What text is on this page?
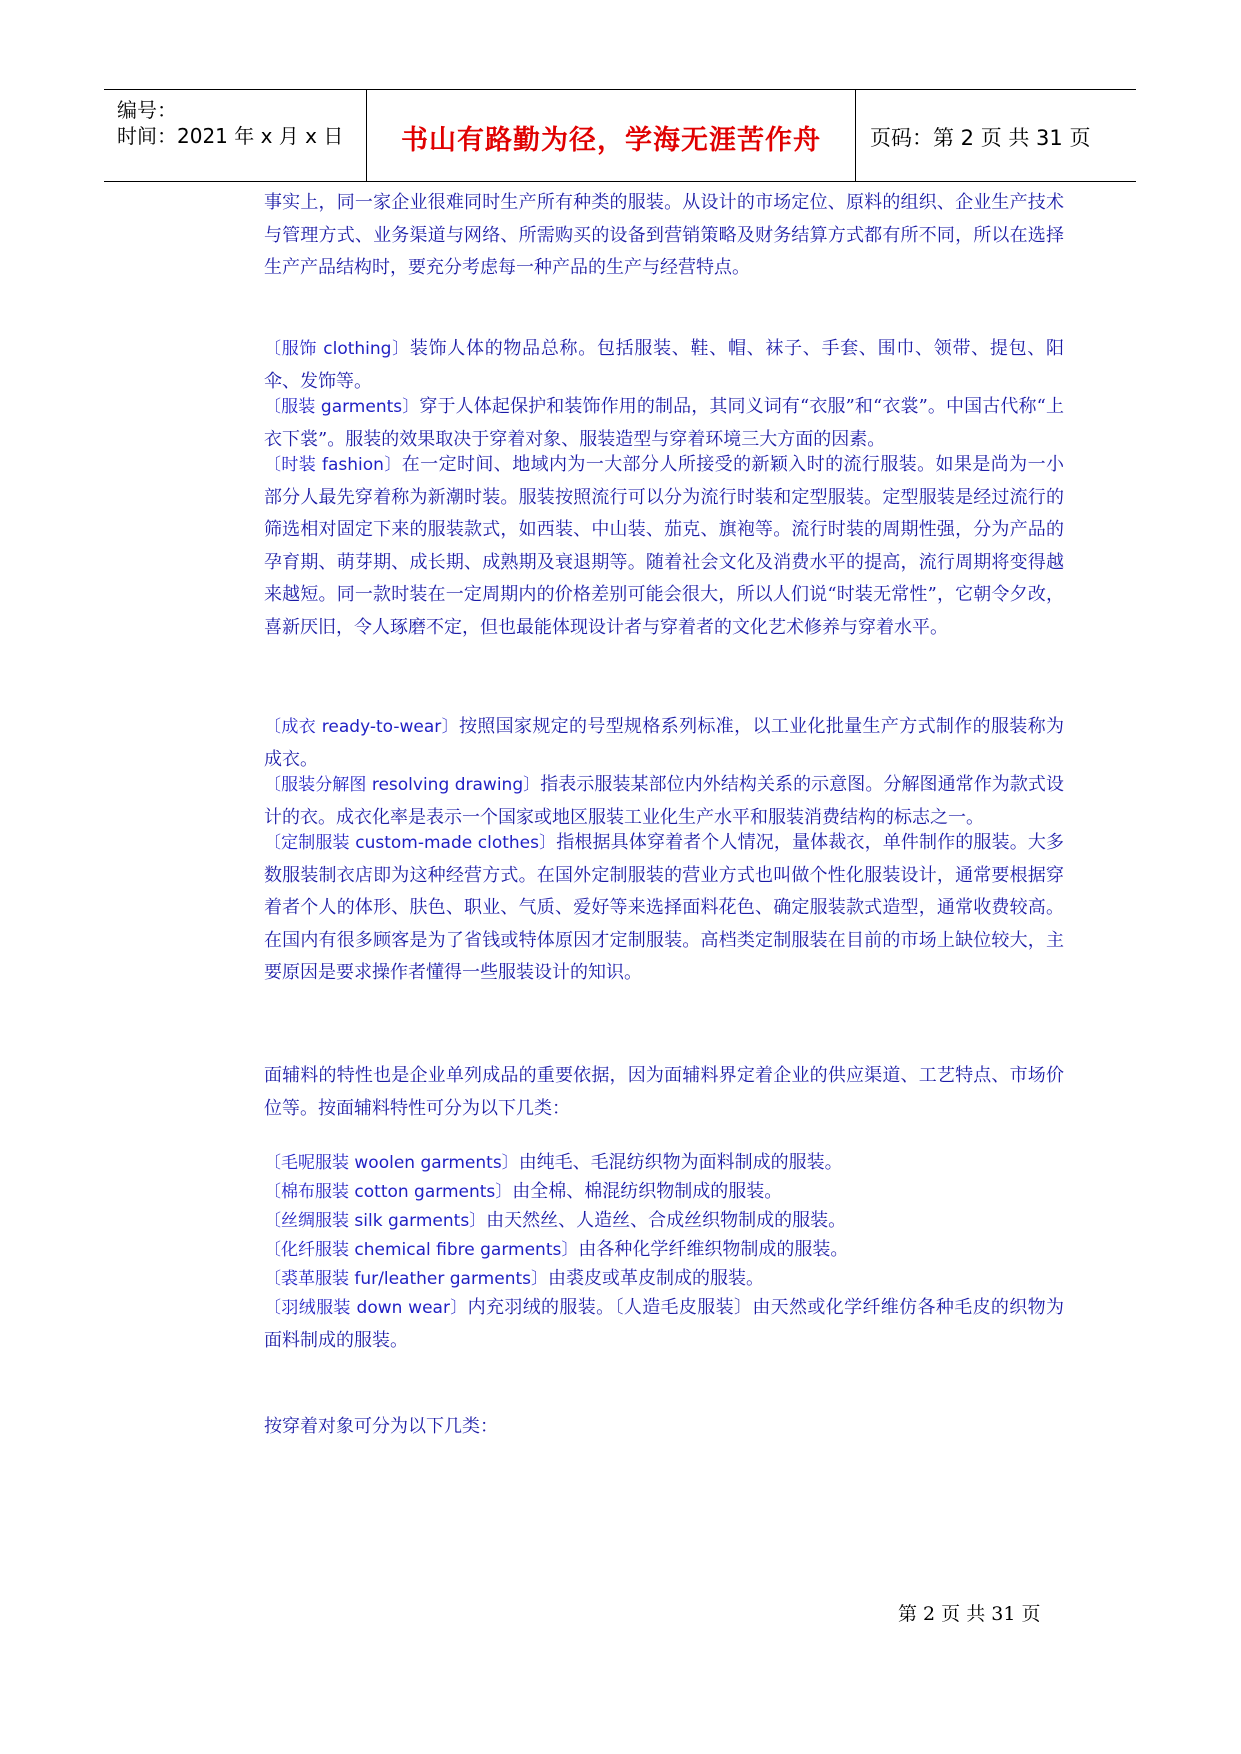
编号：
时间：2021 年 x 月 x 日	书山有路勤为径，学海无涯苦作舟	页码：第 2 页 共 31 页

事实上，同一家企业很难同时生产所有种类的服装。从设计的市场定位、原料的组织、企业生产技术与管理方式、业务渠道与网络、所需购买的设备到营销策略及财务结算方式都有所不同，所以在选择生产产品结构时，要充分考虑每一种产品的生产与经营特点。

〔服饰 clothing〕装饰人体的物品总称。包括服装、鞋、帽、袜子、手套、围巾、领带、提包、阳伞、发饰等。

〔服装 garments〕穿于人体起保护和装饰作用的制品，其同义词有“衣服”和“衣裳”。中国古代称“上衣下裳”。服装的效果取决于穿着对象、服装造型与穿着环境三大方面的因素。

〔时装 fashion〕在一定时间、地域内为一大部分人所接受的新颖入时的流行服装。如果是尚为一小部分人最先穿着称为新潮时装。服装按照流行可以分为流行时装和定型服装。定型服装是经过流行的筛选相对固定下来的服装款式，如西装、中山装、茄克、旗袍等。流行时装的周期性强，分为产品的孕育期、萌芽期、成长期、成熟期及衰退期等。随着社会文化及消费水平的提高，流行周期将变得越来越短。同一款时装在一定周期内的价格差别可能会很大，所以人们说“时装无常性”，它朝令夕改，喜新厌旧，令人琢磨不定，但也最能体现设计者与穿着者的文化艺术修养与穿着水平。

〔成衣 ready-to-wear〕按照国家规定的号型规格系列标准，以工业化批量生产方式制作的服装称为成衣。

〔服装分解图 resolving drawing〕指表示服装某部位内外结构关系的示意图。分解图通常作为款式设计的衣。成衣化率是表示一个国家或地区服装工业化生产水平和服装消费结构的标志之一。

〔定制服装 custom-made clothes〕指根据具体穿着者个人情况，量体裁衣，单件制作的服装。大多数服装制衣店即为这种经营方式。在国外定制服装的营业方式也叫做个性化服装设计，通常要根据穿着者个人的体形、肤色、职业、气质、爱好等来选择面料花色、确定服装款式造型，通常收费较高。在国内有很多顾客是为了省钱或特体原因才定制服装。高档类定制服装在目前的市场上缺位较大，主要原因是要求操作者懂得一些服装设计的知识。

面辅料的特性也是企业单列成品的重要依据，因为面辅料界定着企业的供应渠道、工艺特点、市场价位等。按面辅料特性可分为以下几类：

〔毛呢服装 woolen garments〕由纯毛、毛混纺织物为面料制成的服装。

〔棉布服装 cotton garments〕由全棉、棉混纺织物制成的服装。

〔丝绸服装 silk garments〕由天然丝、人造丝、合成丝织物制成的服装。

〔化纤服装 chemical fibre garments〕由各种化学纤维织物制成的服装。

〔裘革服装 fur/leather garments〕由裘皮或革皮制成的服装。

〔羽绒服装 down wear〕内充羽绒的服装。〔人造毛皮服装〕由天然或化学纤维仿各种毛皮的织物为面料制成的服装。

按穿着对象可分为以下几类：

第 2 页 共 31 页
